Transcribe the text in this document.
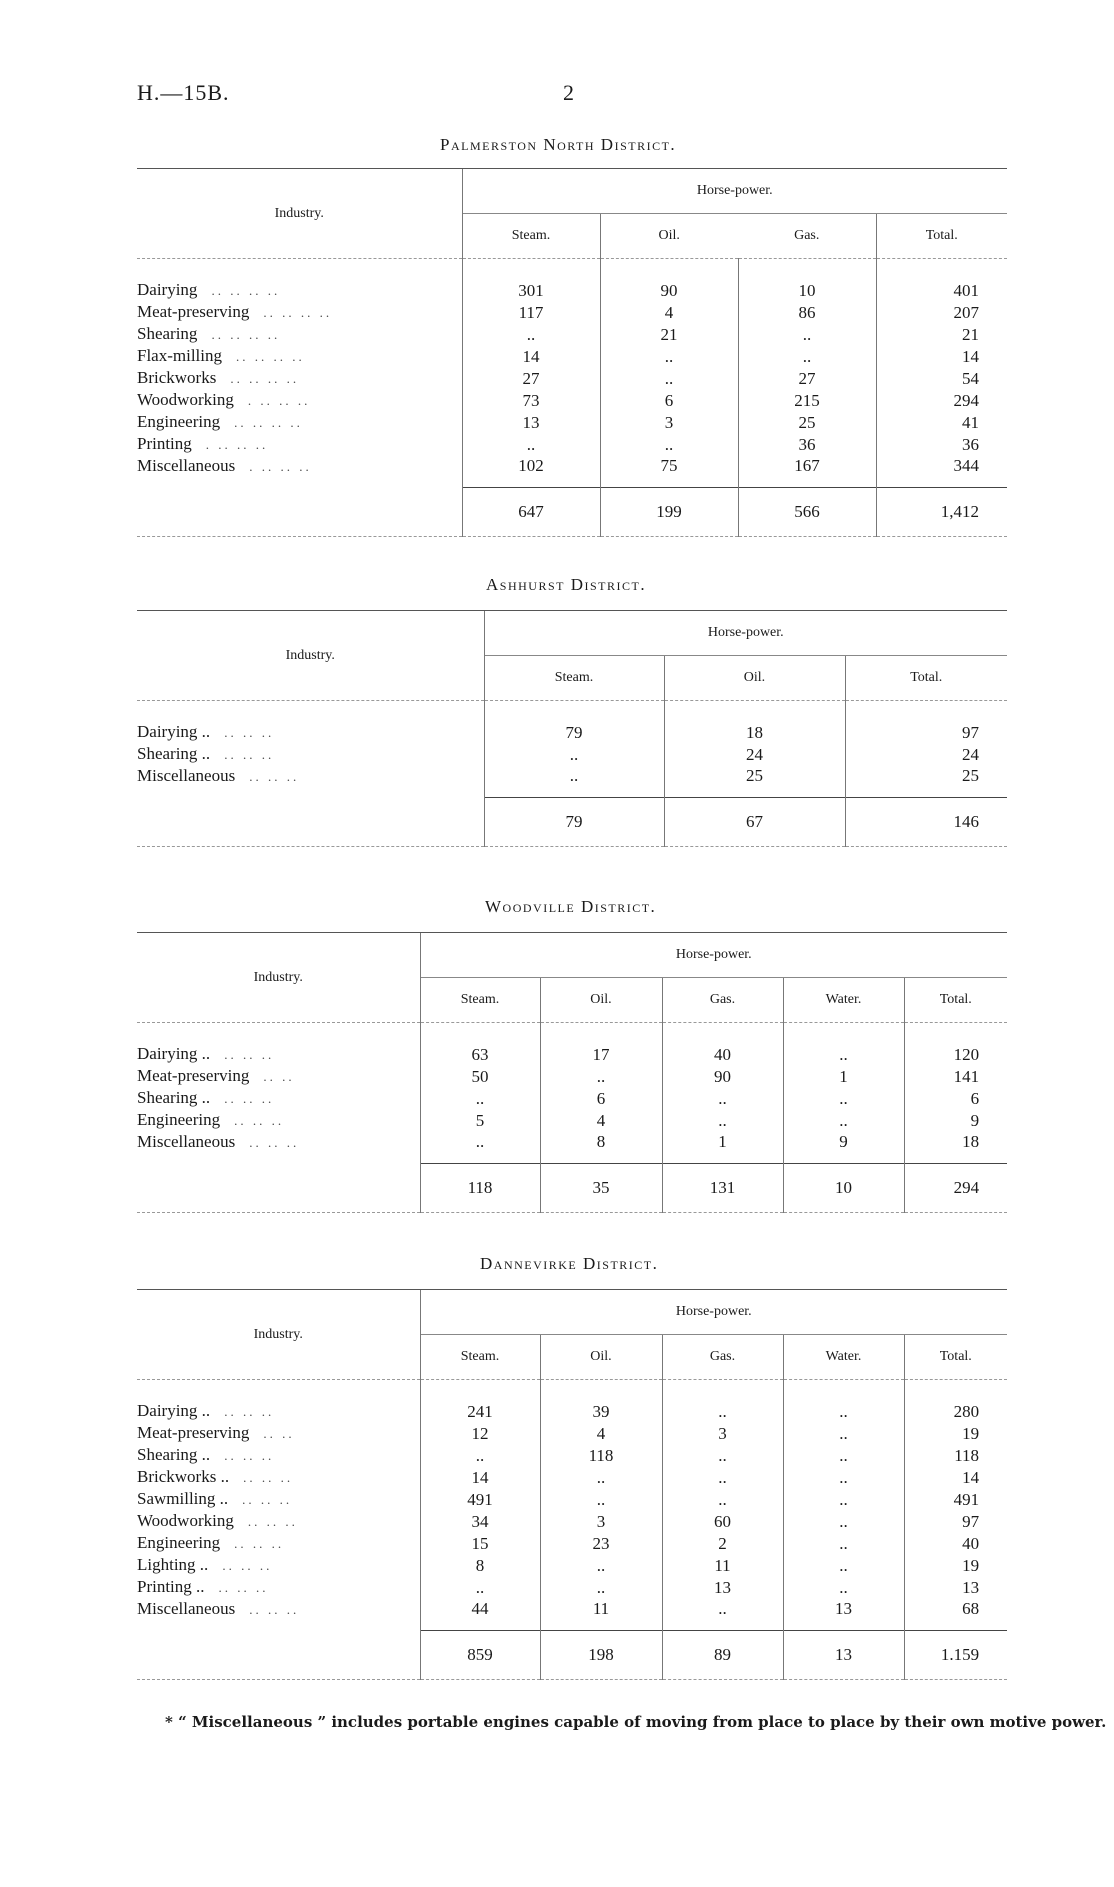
H.—15B.	2
Palmerston North District.
Industry.	Horse-power.			
	Steam.	Oil.	Gas.	Total.
Dairying .. .. .. ..	301	90	10	401
Meat-preserving .. .. .. ..	117	4	86	207
Shearing .. .. .. ..	..	21	..	21
Flax-milling .. .. .. ..	14	..	..	14
Brickworks .. .. .. ..	27	..	27	54
Woodworking . .. .. ..	73	6	215	294
Engineering .. .. .. ..	13	3	25	41
Printing . .. .. ..	..	..	36	36
Miscellaneous . .. .. ..	102	75	167	344
	647	199	566	1,412
Ashhurst District.
Industry.	Horse-power.		
	Steam.	Oil.	Total.
Dairying .. .. .. ..	79	18	97
Shearing .. .. .. ..	..	24	24
Miscellaneous .. .. ..	..	25	25
	79	67	146
Woodville District.
Industry.	Horse-power.				
	Steam.	Oil.	Gas.	Water.	Total.
Dairying .. .. .. ..	63	17	40	..	120
Meat-preserving .. ..	50	..	90	1	141
Shearing .. .. .. ..	..	6	..	..	6
Engineering .. .. ..	5	4	..	..	9
Miscellaneous .. .. ..	..	8	1	9	18
	118	35	131	10	294
Dannevirke District.
Industry.	Horse-power.				
	Steam.	Oil.	Gas.	Water.	Total.
Dairying .. .. .. ..	241	39	..	..	280
Meat-preserving .. ..	12	4	3	..	19
Shearing .. .. .. ..	..	118	..	..	118
Brickworks .. .. .. ..	14	..	..	..	14
Sawmilling .. .. .. ..	491	..	..	..	491
Woodworking .. .. ..	34	3	60	..	97
Engineering .. .. ..	15	23	2	..	40
Lighting .. .. .. ..	8	..	11	..	19
Printing .. .. .. ..	..	..	13	..	13
Miscellaneous .. .. ..	44	11	..	13	68
	859	198	89	13	1.159
* “ Miscellaneous ” includes portable engines capable of moving from place to place by their own motive power.
